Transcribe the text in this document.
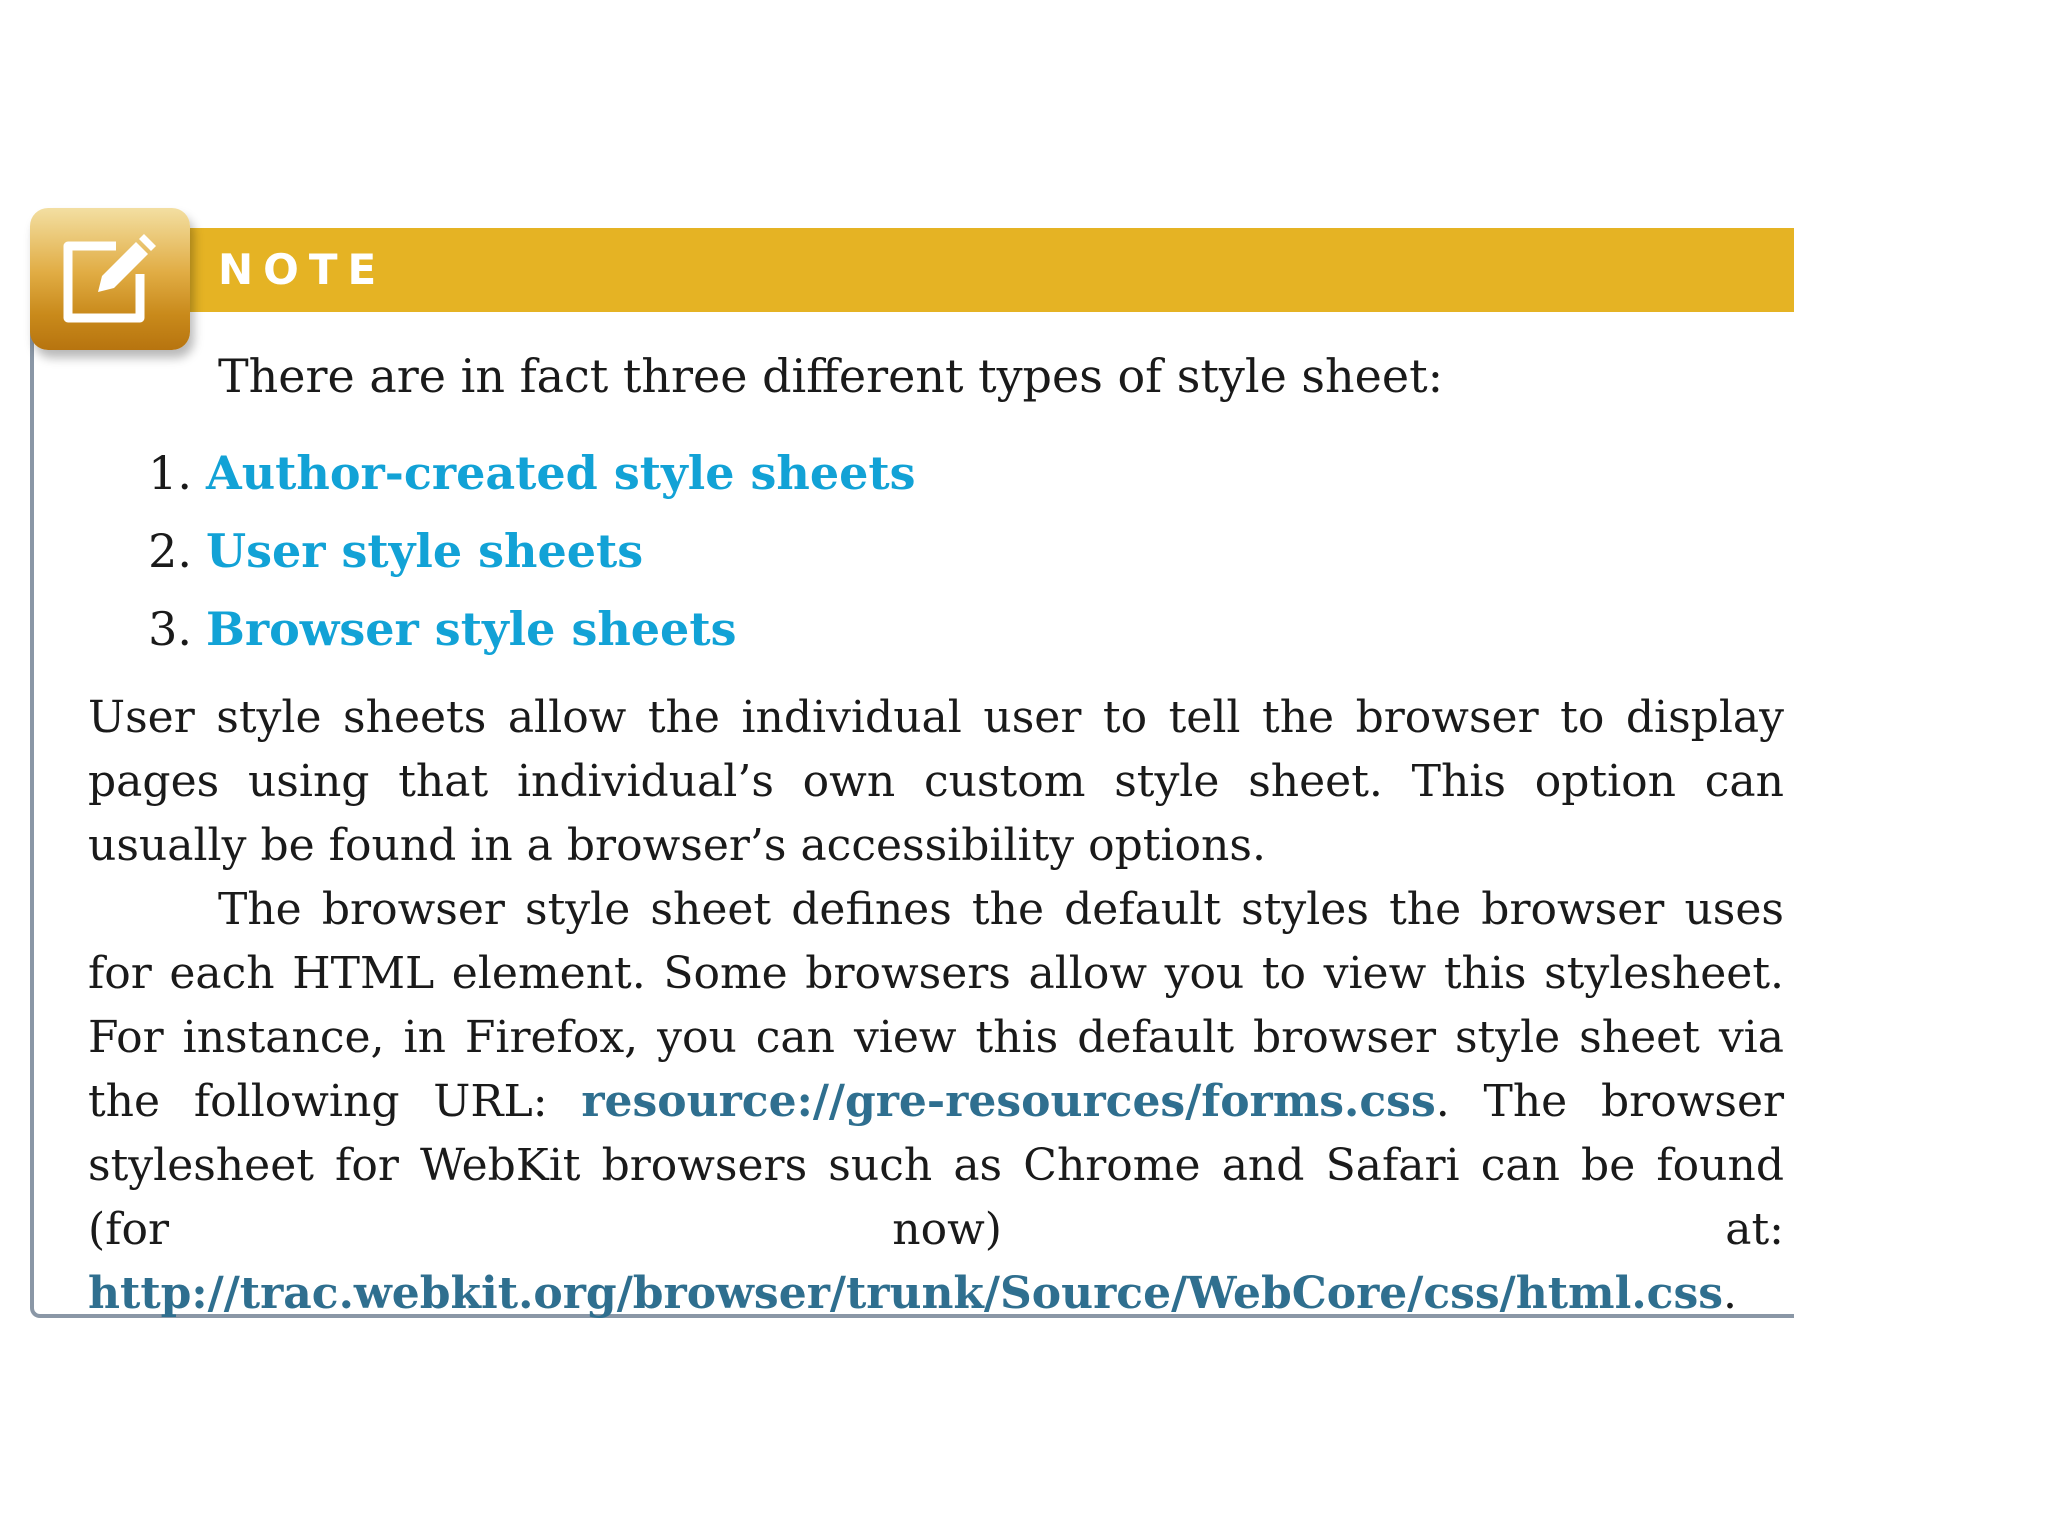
NOTE

There are in fact three different types of style sheet:

1. Author-created style sheets
2. User style sheets
3. Browser style sheets

User style sheets allow the individual user to tell the browser to display pages using that individual’s own custom style sheet. This option can usually be found in a browser’s accessibility options.

The browser style sheet defines the default styles the browser uses for each HTML element. Some browsers allow you to view this stylesheet. For instance, in Firefox, you can view this default browser style sheet via the following URL: resource://gre-resources/forms.css. The browser stylesheet for WebKit browsers such as Chrome and Safari can be found (for now) at: http://trac.webkit.org/browser/trunk/Source/WebCore/css/html.css.
